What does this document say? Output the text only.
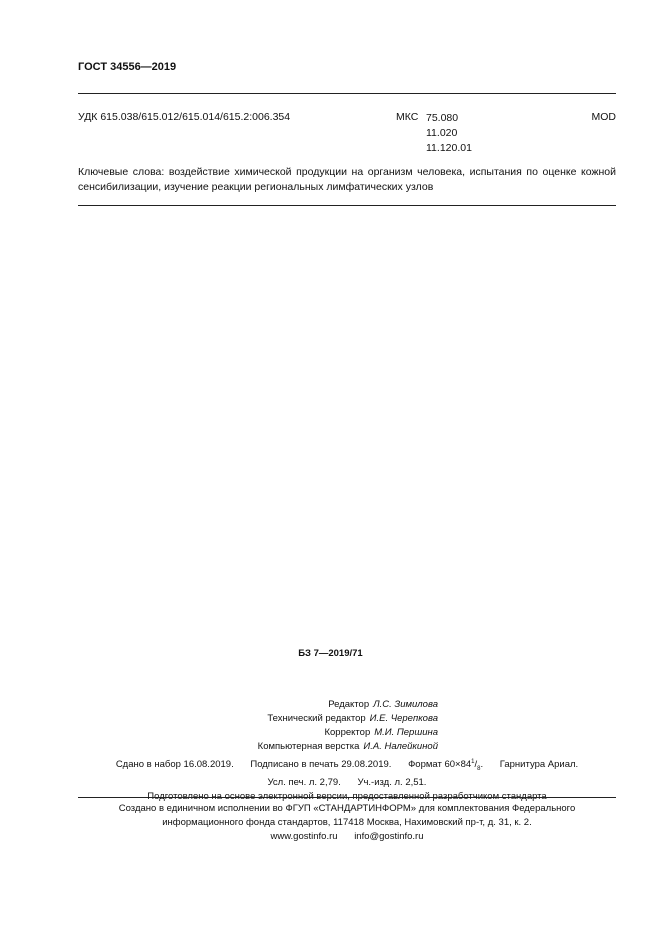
ГОСТ 34556—2019
УДК 615.038/615.012/615.014/615.2:006.354	МКС 75.080
11.020
11.120.01
MOD
Ключевые слова: воздействие химической продукции на организм человека, испытания по оценке кожной сенсибилизации, изучение реакции региональных лимфатических узлов
БЗ 7—2019/71
Редактор Л.С. Зимилова
Технический редактор И.Е. Черепкова
Корректор М.И. Першина
Компьютерная верстка И.А. Налейкиной
Сдано в набор 16.08.2019. Подписано в печать 29.08.2019. Формат $60\times 84^1/_8$. Гарнитура Ариал.
Усл. печ. л. 2,79. Уч.-изд. л. 2,51.
Подготовлено на основе электронной версии, предоставленной разработчиком стандарта
Создано в единичном исполнении во ФГУП «СТАНДАРТИНФОРМ» для комплектования Федерального
информационного фонда стандартов, 117418 Москва, Нахимовский пр-т, д. 31, к. 2.
www.gostinfo.ru info@gostinfo.ru
